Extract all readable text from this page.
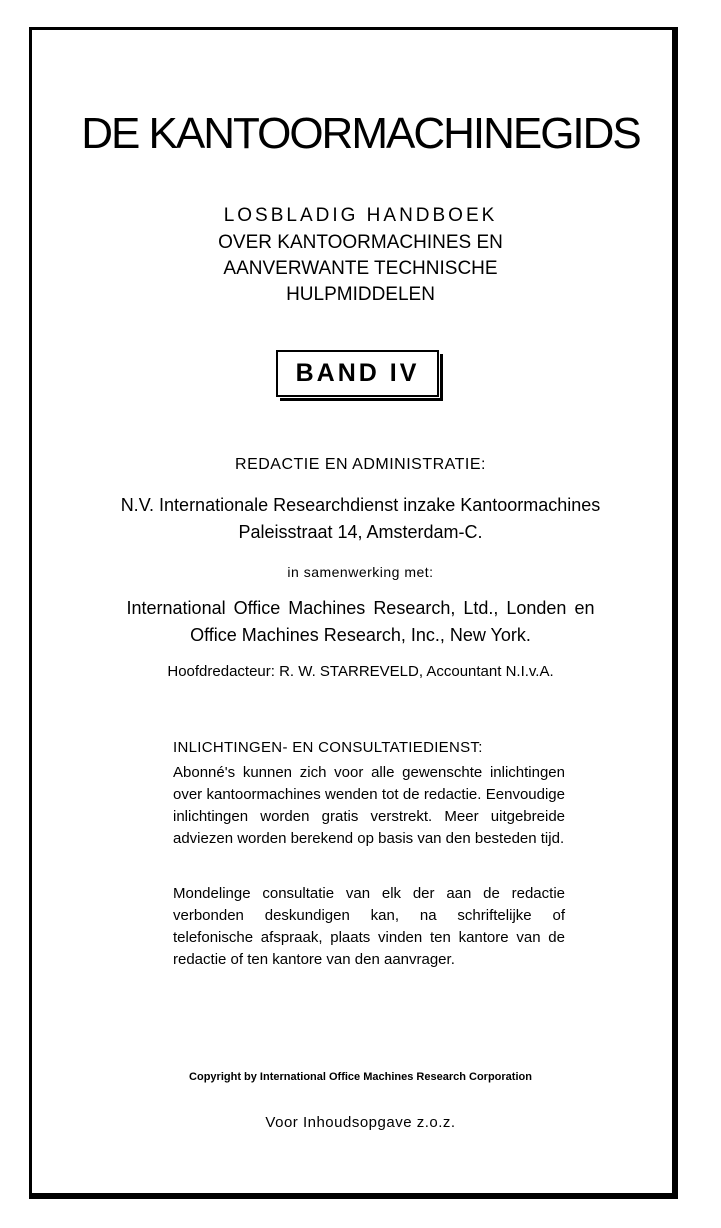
DE KANTOORMACHINEGIDS
LOSBLADIG HANDBOEK
OVER KANTOORMACHINES EN
AANVERWANTE TECHNISCHE
HULPMIDDELEN
BAND IV
REDACTIE EN ADMINISTRATIE:
N.V. Internationale Researchdienst inzake Kantoormachines
Paleisstraat 14, Amsterdam-C.
in samenwerking met:
International Office Machines Research, Ltd., Londen en
Office Machines Research, Inc., New York.
Hoofdredacteur: R. W. STARREVELD, Accountant N.I.v.A.
INLICHTINGEN- EN CONSULTATIEDIENST:
Abonné's kunnen zich voor alle gewenschte inlichtingen over kantoormachines wenden tot de redactie. Eenvoudige inlichtingen worden gratis verstrekt. Meer uitgebreide adviezen worden berekend op basis van den besteden tijd.
Mondelinge consultatie van elk der aan de redactie verbonden deskundigen kan, na schriftelijke of telefonische afspraak, plaats vinden ten kantore van de redactie of ten kantore van den aanvrager.
Copyright by International Office Machines Research Corporation
Voor Inhoudsopgave z.o.z.
